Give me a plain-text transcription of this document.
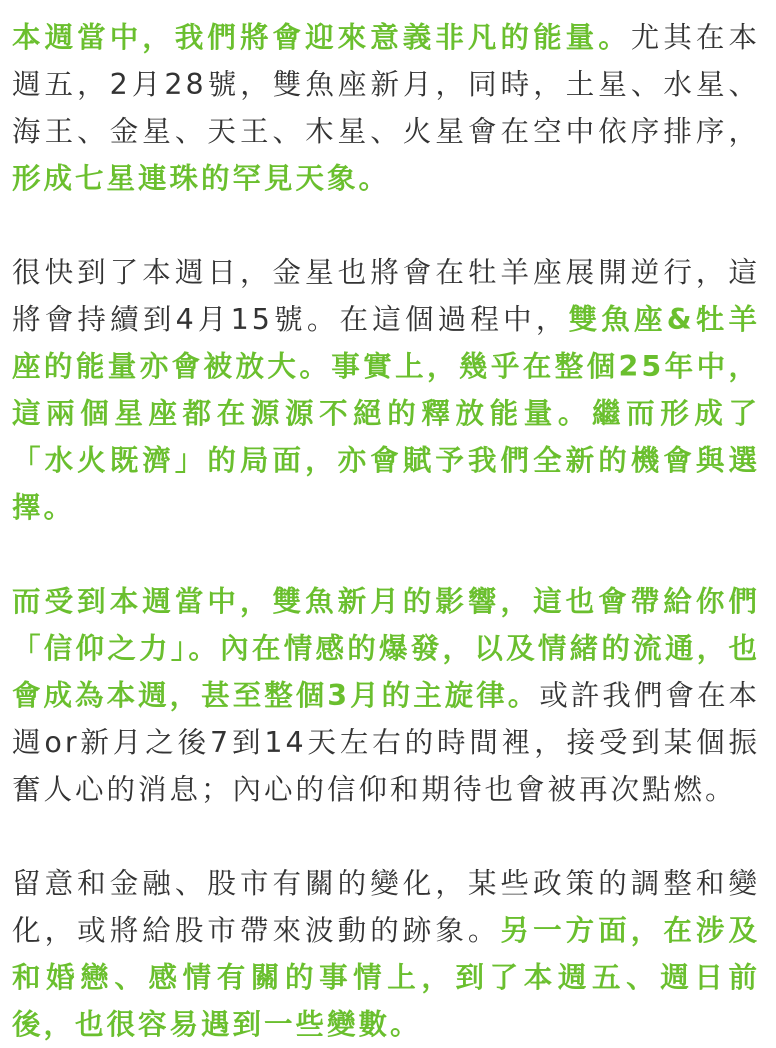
本週當中，我們將會迎來意義非凡的能量。尤其在本週五，2月28號，雙魚座新月，同時，土星、水星、海王、金星、天王、木星、火星會在空中依序排序，形成七星連珠的罕見天象。

很快到了本週日，金星也將會在牡羊座展開逆行，這將會持續到4月15號。在這個過程中，雙魚座&牡羊座的能量亦會被放大。事實上，幾乎在整個25年中，這兩個星座都在源源不絕的釋放能量。繼而形成了「水火既濟」的局面，亦會賦予我們全新的機會與選擇。

而受到本週當中，雙魚新月的影響，這也會帶給你們「信仰之力」。內在情感的爆發，以及情緒的流通，也會成為本週，甚至整個3月的主旋律。或許我們會在本週or新月之後7到14天左右的時間裡，接受到某個振奮人心的消息；內心的信仰和期待也會被再次點燃。

留意和金融、股市有關的變化，某些政策的調整和變化，或將給股市帶來波動的跡象。另一方面，在涉及和婚戀、感情有關的事情上，到了本週五、週日前後，也很容易遇到一些變數。
